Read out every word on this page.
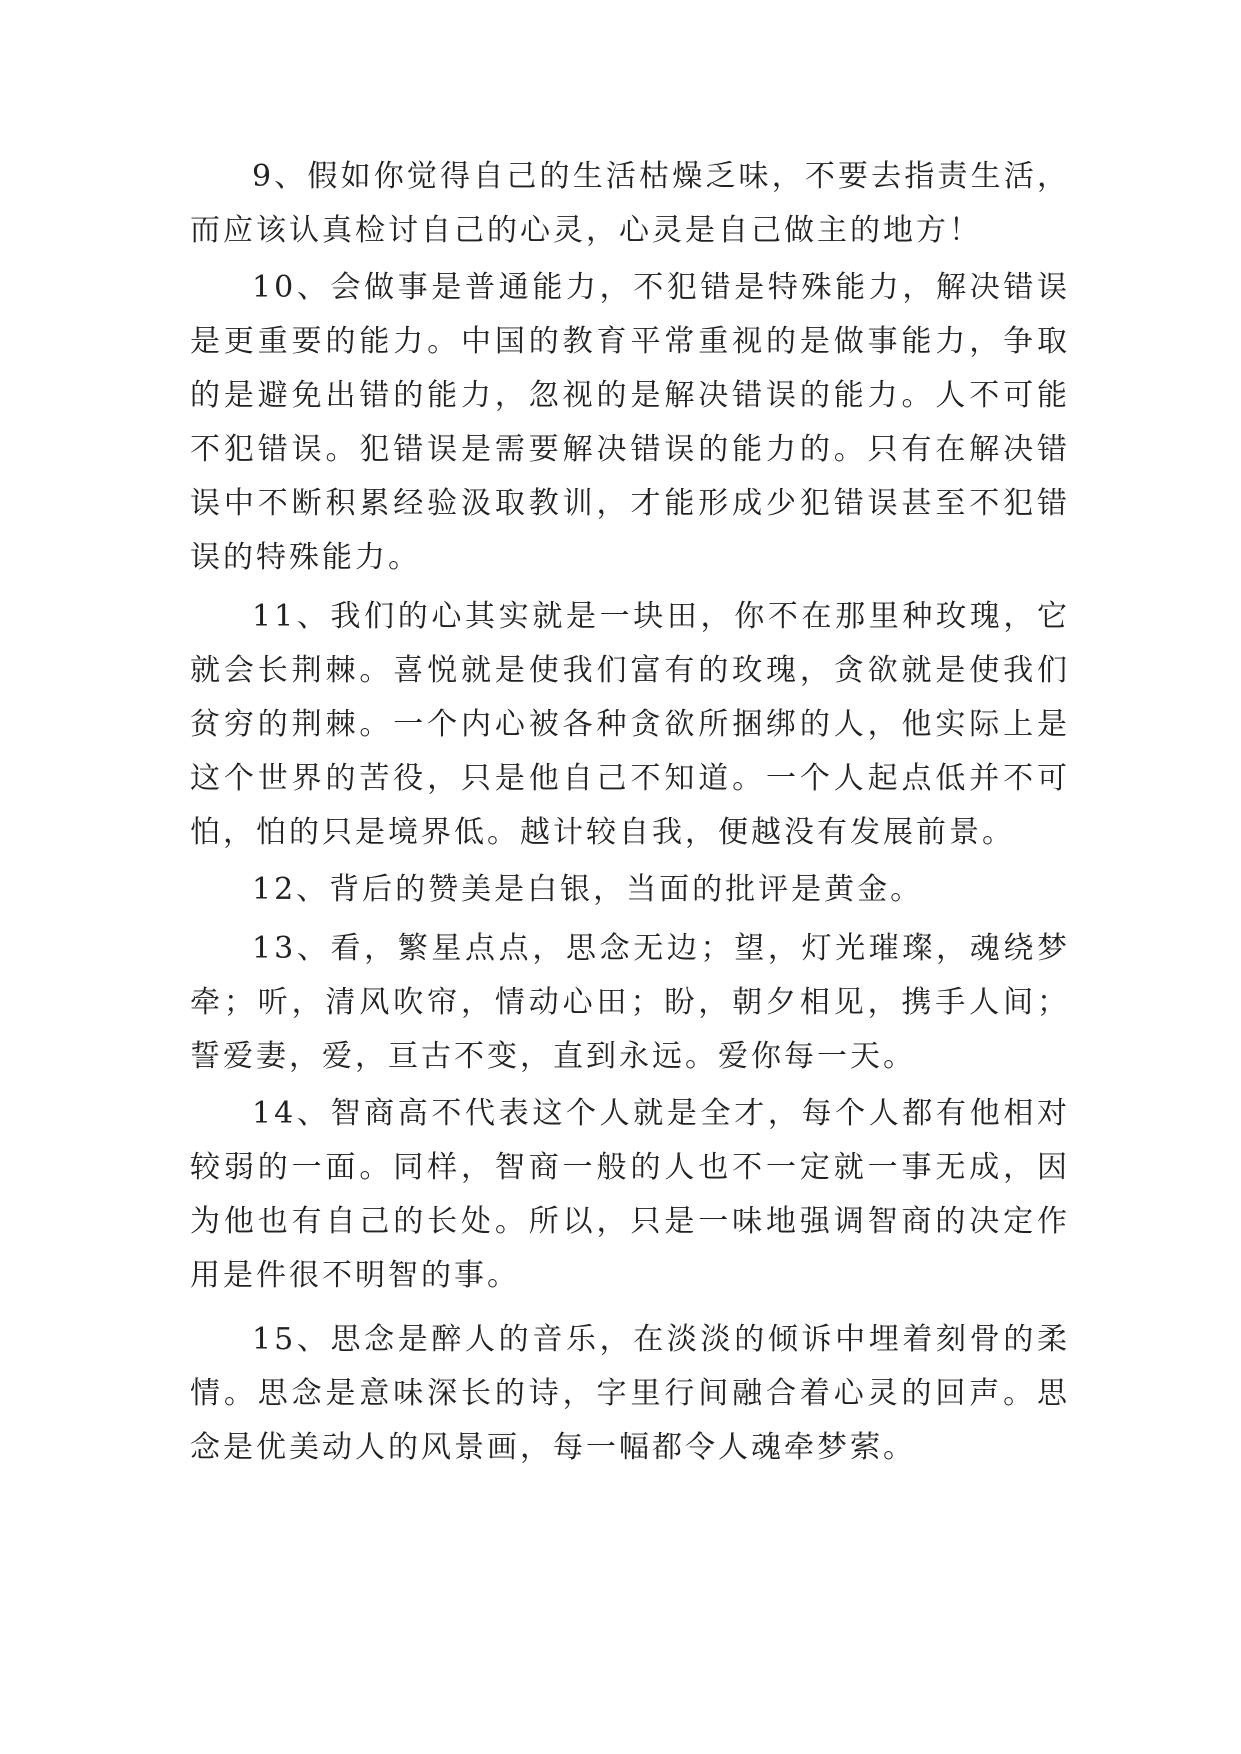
9、假如你觉得自己的生活枯燥乏味，不要去指责生活，而应该认真检讨自己的心灵，心灵是自己做主的地方！

10、会做事是普通能力，不犯错是特殊能力，解决错误是更重要的能力。中国的教育平常重视的是做事能力，争取的是避免出错的能力，忽视的是解决错误的能力。人不可能不犯错误。犯错误是需要解决错误的能力的。只有在解决错误中不断积累经验汲取教训，才能形成少犯错误甚至不犯错误的特殊能力。

11、我们的心其实就是一块田，你不在那里种玫瑰，它就会长荆棘。喜悦就是使我们富有的玫瑰，贪欲就是使我们贫穷的荆棘。一个内心被各种贪欲所捆绑的人，他实际上是这个世界的苦役，只是他自己不知道。一个人起点低并不可怕，怕的只是境界低。越计较自我，便越没有发展前景。

12、背后的赞美是白银，当面的批评是黄金。

13、看，繁星点点，思念无边；望，灯光璀璨，魂绕梦牵；听，清风吹帘，情动心田；盼，朝夕相见，携手人间；誓爱妻，爱，亘古不变，直到永远。爱你每一天。

14、智商高不代表这个人就是全才，每个人都有他相对较弱的一面。同样，智商一般的人也不一定就一事无成，因为他也有自己的长处。所以，只是一味地强调智商的决定作用是件很不明智的事。

15、思念是醉人的音乐，在淡淡的倾诉中埋着刻骨的柔情。思念是意味深长的诗，字里行间融合着心灵的回声。思念是优美动人的风景画，每一幅都令人魂牵梦萦。
